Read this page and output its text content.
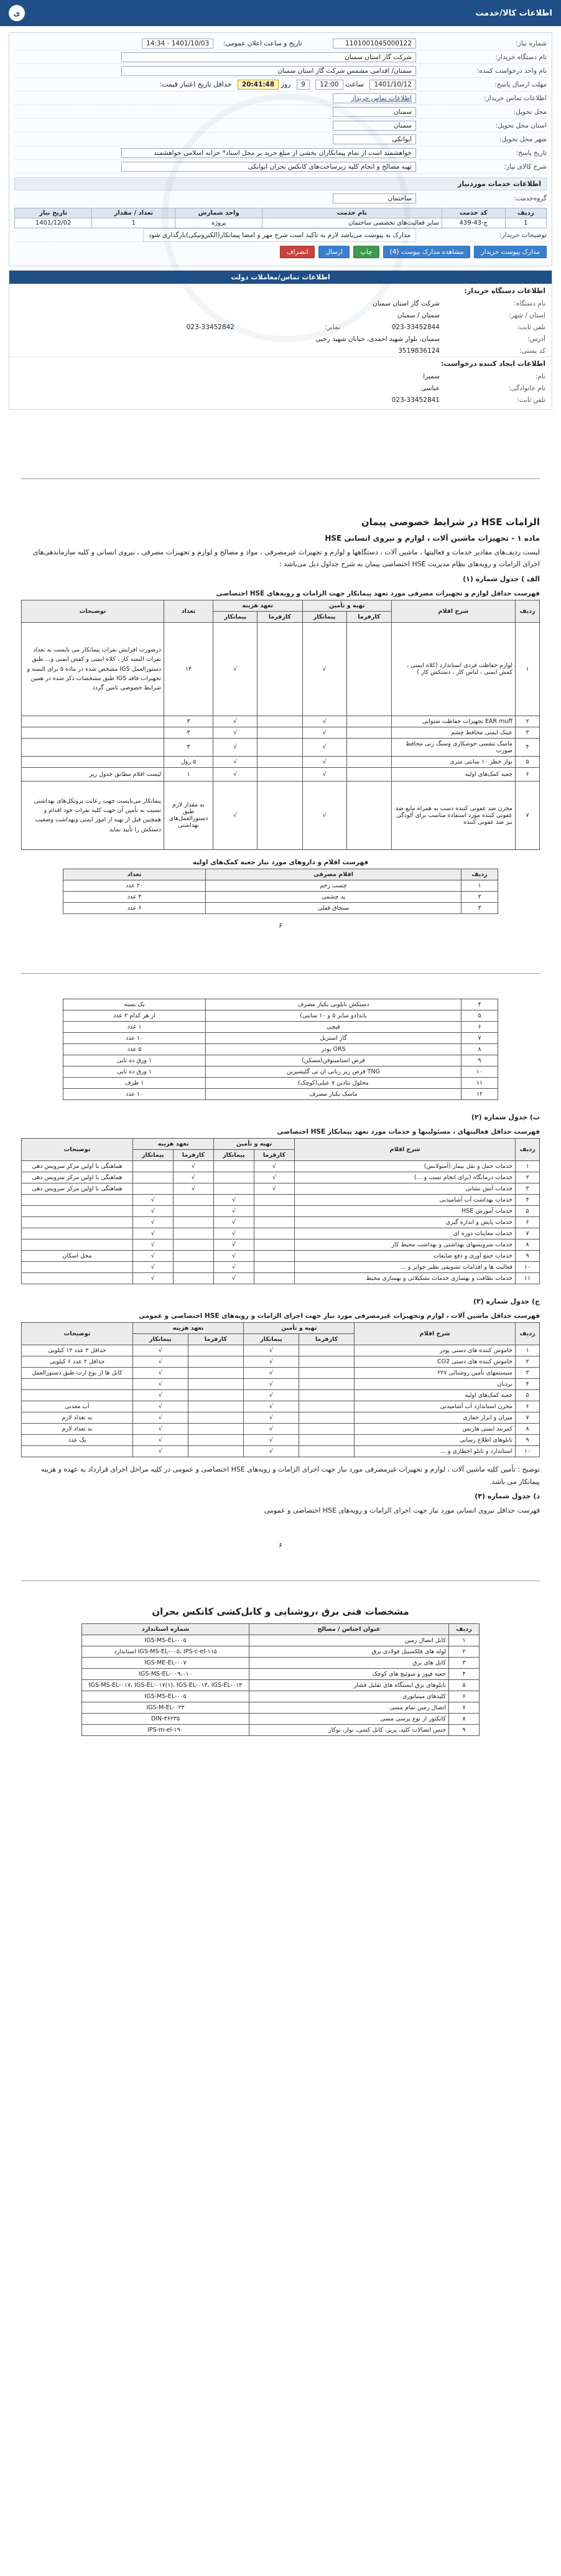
اطلاعات کالا/خدمت
ی
شماره نیاز:
1101001045000122 تاریخ و ساعت اعلان عمومی: 1401/10/03 - 14:34
نام دستگاه خریدار:
شرکت گاز استان سمنان
نام واحد درخواست کننده:
سمنان/ اقدامی مشمس شرکت گاز استان سمنان
مهلت ارسال پاسخ:
1401/10/12 ساعت 12:00 9 روز 20:41:48 حداقل تاریخ اعتبار قیمت:
اطلاعات تماس خریدار:
اطلاعات تماس خریدار
محل تحویل:
سمنان
استان محل تحویل:
سمنان
شهر محل تحویل:
ایوانکی
تاریخ پاسخ:
خواهشمند است از تمام پیمانکاران بخشی از مبلغ خرید بر محل اسناد* خزانه اسلامی خواهشمند
شرح کالای نیاز:
تهیه مصالح و انجام کلیه زیرساخت‌های کانکس بحران ایوانکی
اطلاعات خدمات موردنیاز
گروه‌خدمت:
ساختمان
ردیف	کد خدمت	نام خدمت	واحد شمارش	تعداد / مقدار	تاریخ نیاز
1	ج-43-439	سایر فعالیت‌های تخصصی ساختمان	پروژه	1	1401/12/02
توضیحات خریدار:
مدارک به پیوست می‌باشد لازم به تاکید است شرح مهر و امضا پیمانکار(الکترونیکی)بارگذاری شود
مدارک پیوست خریدار
مشاهده مدارک پیوست (4)
چاپ
ارسال
انصراف
اطلاعات تماس/معاملات دولت
اطلاعات دستگاه خریدار:
نام دستگاه:
شرکت گاز استان سمنان
استان / شهر:
سمنان / سمنان
تلفن ثابت:
023-33452844
نمابر:
023-33452842
آدرس:
سمنان، بلوار شهید احمدی، خیابان شهید رجبی
کد پستی:
3519836124
اطلاعات ایجاد کننده درخواست:
نام:
سمیرا
نام خانوادگی:
عباسی
تلفن ثابت:
023-33452841
الزامات HSE در شرایط خصوصی پیمان
ماده ۱ - تجهیزات ماشین آلات ، لوازم و نیروی انسانی HSE

لیست ردیف‌های مقادیر خدمات و فعالیتها ، ماشین آلات ، دستگاهها و لوازم و تجهیزات غیرمصرفی ، مواد و مصالح و لوازم و تجهیزات مصرفی ، نیروی انسانی و کلیه سازماندهی‌های اجرای الزامات و رویه‌های نظام مدیریت HSE اختصاصی پیمان به شرح جداول ذیل می‌باشد :

الف ) جدول شماره (۱)

فهرست حداقل لوازم و تجهیزات مصرفی مورد تعهد پیمانکار جهت الزامات و رویه‌های HSE اختصاصی
ردیف	شرح اقلام	تهیه و تأمین		تعهد هزینه		تعداد	توضیحات
		کارفرما	پیمانکار	کارفرما	پیمانکار		
۱	لوازم حفاظت فردی استاندارد (کلاه ایمنی ، کفش ایمنی ، لباس کار ، دستکش کار )		√		√	۱۴	درصورت افزایش نفرات پیمانکار می بایست به تعداد نفرات البسه کار ، کلاه ایمنی و کفش ایمنی و... طبق دستورالعمل IGS مشخص شده در ماده ۵ برای البسه و تجهیزات فاقد IGS طبق مشخصات ذکر شده در همین شرایط خصوصی تامین گردد
۲	EAR muff تجهیزات حفاظت شنوایی		√		√	۳	
۳	عینک ایمنی محافظ چشم		√		√	۳	
۴	ماسک تنفسی جوشکاری وسنگ زنی محافظ صورت		√		√	۳	
۵	نوار خطر ۱۰ سانتی متری		√		√	۵ رول	
۶	جعبه کمک‌های اولیه		√		√	۱	لیست اقلام مطابق جدول زیر
۷	مخزن ضد عفونی کننده دست به همراه مایع ضد عفونی کننده مورد استفاده مناسب برای آلودگی نیز ضد عفونی کننده		√		√	به مقدار لازم طبق دستورالعمل‌های بهداشتی	پیمانکار می‌بایست جهت رعایت پروتکل‌های بهداشتی نسبت به تأمین آن جهت کلیه نفرات خود اقدام و همچنین قبل از تهیه از امور ایمنی وبهداشت وضعیت دستکش را تأیید نماید
فهرست اقلام و داروهای مورد نیاز جعبه کمک‌های اولیه
ردیف	اقلام مصرفی	تعداد
۱	چسب زخم	۲۰ عدد
۲	پد چشمی	۴ عدد
۳	سنجاق قفلی	۶ عدد
۶
۴	دستکش نایلونی یکبار مصرف	یک بسته
۵	باند(دو سایز ۵ و ۱۰ سانتی)	از هر کدام ۲ عدد
۶	قیچی	۱ عدد
۷	گاز استریل	۱۰ عدد
۸	ORS پودر	۵ عدد
۹	قرص استامینوفن(مسکن)	۱ ورق ده تایی
۱۰	TNG قرص زیر زبانی ان تی گلیسیرین	۱ ورق ده تایی
۱۱	محلول بتادین ۷ عیلی(کوچک)	۱ ظرف
۱۲	ماسک یکبار مصرف	۱۰ عدد

ب) جدول شماره (۲)

فهرست حداقل فعالیتهای ، مسئولیتها و خدمات مورد تعهد پیمانکار HSE اختصاصی
ردیف	شرح اقلام	تهیه و تأمین		تعهد هزینه		توضیحات
		کارفرما	پیمانکار	کارفرما	پیمانکار	
۱	خدمات حمل و نقل بیمار (آمبولانس)	√		√		هماهنگی با اولین مرکز سرویس دهی
۲	خدمات درمانگاه (برای انجام تست و ...)	√		√		هماهنگی با اولین مرکز سرویس دهی
۳	خدمات آتش نشانی	√		√		هماهنگی با اولین مرکز سرویس دهی
۴	خدمات بهداشت آب آشامیدنی		√		√	
۵	خدمات آموزش HSE		√		√	
۶	خدمات پایش و اندازه گیری		√		√	
۷	خدمات معاینات دوره ای		√		√	
۸	خدمات سرویسهای بهداشتی و بهداشت محیط کار		√		√	
۹	خدمات جمع آوری و دفع ضایعات		√		√	محل اسکان
۱۰	فعالیت ها و اقدامات تشویقی نظیر جوایز و ...		√		√	
۱۱	خدمات نظافت و بهسازی خدمات تشکیلاتی و بهسازی محیط		√		√	

ج) جدول شماره (۳)

فهرست حداقل ماشین آلات ، لوازم وتجهیزات غیرمصرفی مورد نیاز جهت اجرای الزامات و رویه‌های HSE اختصاصی و عمومی
ردیف	شرح اقلام	تهیه و تأمین		تعهد هزینه		توضیحات
		کارفرما	پیمانکار	کارفرما	پیمانکار	
۱	خاموش کننده های دستی پودر		√		√	حداقل ۲ عدد ۱۲ کیلویی
۲	خاموش کننده های دستی CO2		√		√	حداقل ۲ عدد ۶ کیلویی
۳	سیستمهای تأمین روشنائی ۲۲۷		√		√	کابل ها از نوع ارت طبق دستورالعمل
۴	نردبان		√		√	
۵	جعبه کمک‌های اولیه		√		√	
۶	مخزن استاندارد آب آشامیدنی		√		√	آب معدنی
۷	میزان و ابزار حفاری		√		√	به تعداد لازم
۸	کمربند ایمنی هارنس		√		√	به تعداد لازم
۹	تابلوهای اطلاع رسانی		√		√	یک عدد
۱۰	استاندارد و تابلو اخطاری و ...		√		√	

توضیح : تأمین کلیه ماشین آلات ، لوازم و تجهیزات غیرمصرفی مورد نیاز جهت اجرای الزامات و رویه‌های HSE اختصاصی و عمومی در کلیه مراحل اجرای قرارداد به عهده و هزینه پیمانکار می باشد.

د) جدول شماره (۴)

فهرست حداقل نیروی انسانی مورد نیاز جهت اجرای الزامات و رویه‌های HSE اختصاصی و عمومی

۶
مشخصات فنی برق ،روشنایی و کابل‌کشی کانکس بحران
ردیف	عنوان اجناس / مصالح	شماره استاندارد
۱	کابل اتصال زمین	IGS-MS-EL-۰۰۵
۲	لوله های فلکسیبل فولادی برق	IGS-MS-EL-۰۰۵، IPS-c-el-۱۱۵ استاندارد
۳	کابل های برق	IGS-ME-EL-۰۰۷
۴	جعبه فیوز و سوئیچ های کوچک	IGS-MS-EL-۰۰۹،۰۱۰
۵	تابلوهای برق ایستگاه های تقلیل فشار	IGS-MS-EL-۰۱۷، IGS-EL-۰۱۷(۱)، IGS-EL-۰۱۳، IGS-EL-۰۱۳
۶	کلیدهای مینیاتوری	IGS-MS-EL-۰۰۵
۷	اتصال زمین تمام مسی	IGS-M-EL-۰۲۳
۸	کانکتور از نوع پرسی مسی	DIN-۴۶۲۳۵
۹	جنس اتصالات کلید، پریز، کابل کشی، نوار، توکار	IPS-m-el-۱۹۰
